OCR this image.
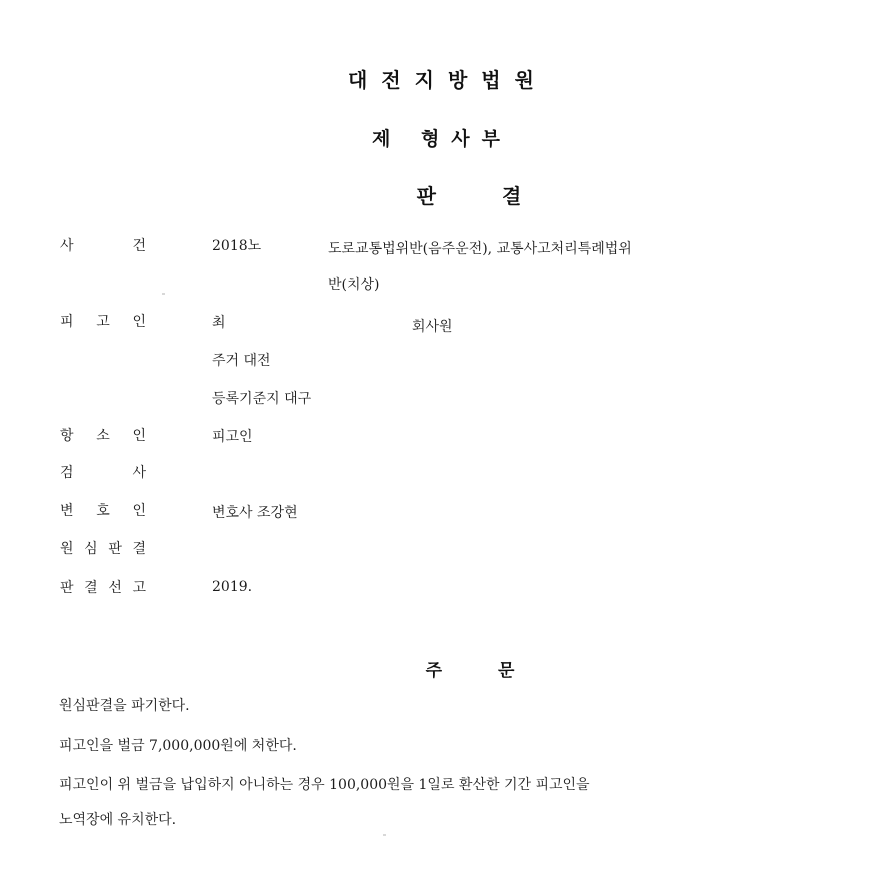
대전지방법원
제 형사부
판결
사	건	2018노	도로교통법위반(음주운전), 교통사고처리특례법위
반(치상)
피 고 인	최	회사원
주거 대전
등록기준지 대구
항 소 인	피고인
검	사
변 호 인	변호사 조강현
원 심 판 결
판 결 선 고	2019.
주문
원심판결을 파기한다.
피고인을 벌금 7,000,000원에 처한다.
피고인이 위 벌금을 납입하지 아니하는 경우 100,000원을 1일로 환산한 기간 피고인을
노역장에 유치한다.
